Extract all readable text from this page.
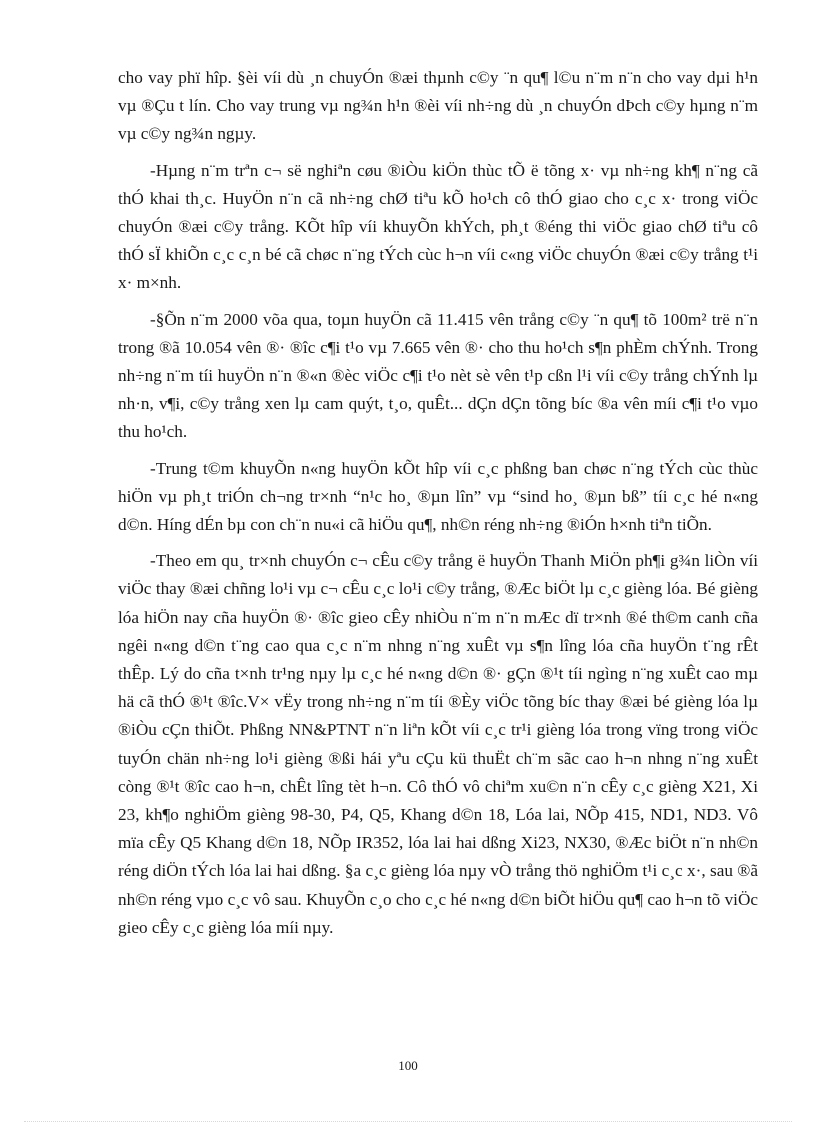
cho vay phï hîp. §èi víi dù ¸n chuyÓn ®æi thµnh c©y ¨n qu¶ l©u n¨m n¨n cho vay dµi h¹n vµ ®Çu t lín. Cho vay trung vµ ng¾n h¹n ®èi víi nh÷ng dù ¸n chuyÓn dÞch c©y hµng n¨m vµ c©y ng¾n ngµy.

-Hµng n¨m trªn c¬ së nghiªn cøu ®iÒu kiÖn thùc tÕ ë tõng x· vµ nh÷ng kh¶ n¨ng cã thÓ khai th¸c. HuyÖn n¨n cã nh÷ng chØ tiªu kÕ ho¹ch cô thÓ giao cho c¸c x· trong viÖc chuyÓn ®æi c©y trång. KÕt hîp víi khuyÕn khÝch, ph¸t ®éng thi viÖc giao chØ tiªu cô thÓ sÏ khiÕn c¸c c¸n bé cã chøc n¨ng tÝch cùc h¬n víi c«ng viÖc chuyÓn ®æi c©y trång t¹i x· m×nh.

-§Õn n¨m 2000 võa qua, toµn huyÖn cã 11.415 vên trång c©y ¨n qu¶ tõ 100m² trë n¨n trong ®ã 10.054 vên ®· ®îc c¶i t¹o vµ 7.665 vên ®· cho thu ho¹ch s¶n phÈm chÝnh. Trong nh÷ng n¨m tíi huyÖn n¨n ®«n ®èc viÖc c¶i t¹o nèt sè vên t¹p cßn l¹i víi c©y trång chÝnh lµ nh·n, v¶i, c©y trång xen lµ cam quýt, t¸o, quÊt... dÇn dÇn tõng bíc ®a vên míi c¶i t¹o vµo thu ho¹ch.

-Trung t©m khuyÕn n«ng huyÖn kÕt hîp víi c¸c phßng ban chøc n¨ng tÝch cùc thùc hiÖn vµ ph¸t triÓn ch¬ng tr×nh “n¹c ho¸ ®µn lîn” vµ “sind ho¸ ®µn bß” tíi c¸c hé n«ng d©n. Híng dÉn bµ con ch¨n nu«i cã hiÖu qu¶, nh©n réng nh÷ng ®iÓn h×nh tiªn tiÕn.

-Theo em qu¸ tr×nh chuyÓn c¬ cÊu c©y trång ë huyÖn Thanh MiÖn ph¶i g¾n liÒn víi viÖc thay ®æi chñng lo¹i vµ c¬ cÊu c¸c lo¹i c©y trång, ®Æc biÖt lµ c¸c gièng lóa. Bé gièng lóa hiÖn nay cña huyÖn ®· ®îc gieo cÊy nhiÒu n¨m n¨n mÆc dï tr×nh ®é th©m canh cña ngêi n«ng d©n t¨ng cao qua c¸c n¨m nhng n¨ng xuÊt vµ s¶n lîng lóa cña huyÖn t¨ng rÊt thÊp. Lý do cña t×nh tr¹ng nµy lµ c¸c hé n«ng d©n ®· gÇn ®¹t tíi ngìng n¨ng xuÊt cao mµ hä cã thÓ ®¹t ®îc.V× vËy trong nh÷ng n¨m tíi ®Èy viÖc tõng bíc thay ®æi bé gièng lóa lµ ®iÒu cÇn thiÕt. Phßng NN&PTNT n¨n liªn kÕt víi c¸c tr¹i gièng lóa trong vïng trong viÖc tuyÓn chän nh÷ng lo¹i gièng ®ßi hái yªu cÇu kü thuËt ch¨m sãc cao h¬n nhng n¨ng xuÊt còng ®¹t ®îc cao h¬n, chÊt lîng tèt h¬n. Cô thÓ vô chiªm xu©n n¨n cÊy c¸c gièng X21, Xi 23, kh¶o nghiÖm gièng 98-30, P4, Q5, Khang d©n 18, Lóa lai, NÕp 415, ND1, ND3. Vô mïa cÊy Q5 Khang d©n 18, NÕp IR352, lóa lai hai dßng Xi23, NX30, ®Æc biÖt n¨n nh©n réng diÖn tÝch lóa lai hai dßng. §a c¸c gièng lóa nµy vÒ trång thö nghiÖm t¹i c¸c x·, sau ®ã nh©n réng vµo c¸c vô sau. KhuyÕn c¸o cho c¸c hé n«ng d©n biÕt hiÖu qu¶ cao h¬n tõ viÖc gieo cÊy c¸c gièng lóa míi nµy.

100
